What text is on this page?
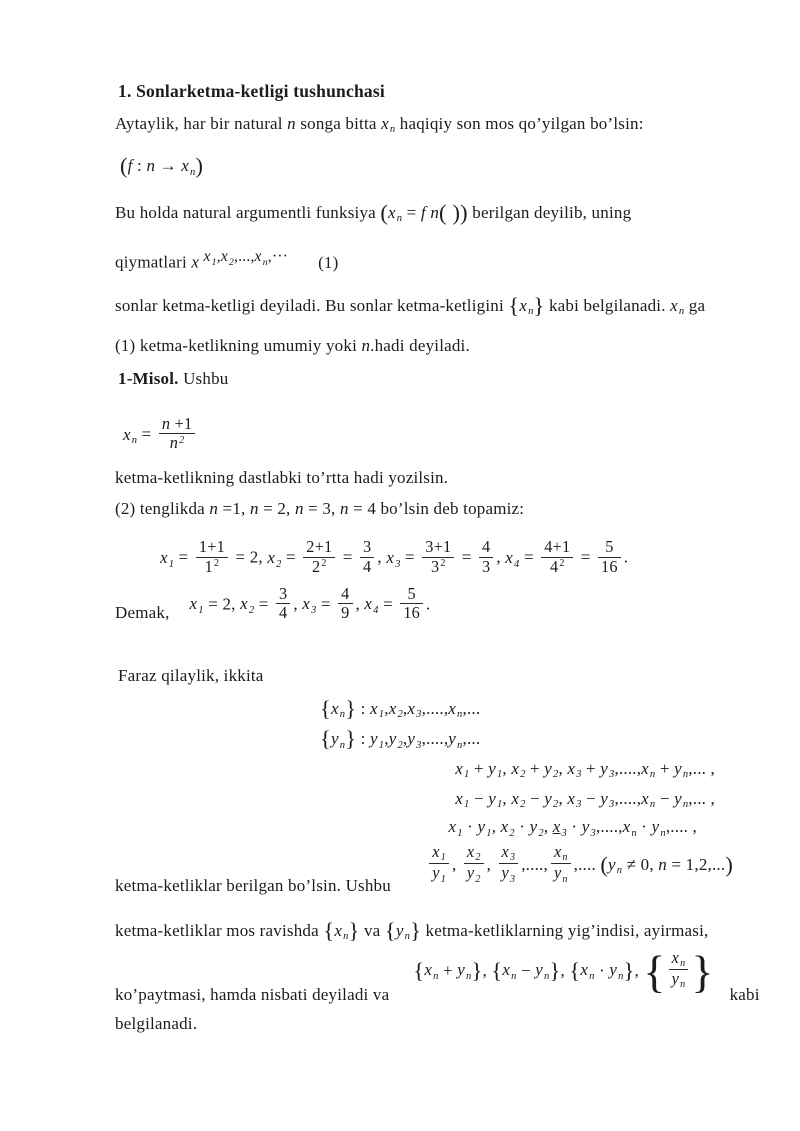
1. Sonlarketma-ketligi tushunchasi
Aytaylik, har bir natural n songa bitta xn haqiqiy son mos qo’yilgan bo’lsin:
(f : n → xn)
Bu holda natural argumentli funksiya (xn = f n( )) berilgan deyilib, uning
qiymatlari x x1,x2,...,xn,··· (1)
sonlar ketma-ketligi deyiladi. Bu sonlar ketma-ketligini {xn} kabi belgilanadi. xn ga
(1) ketma-ketlikning umumiy yoki n.hadi deyiladi.
1-Misol. Ushbu
xn = $\frac{n +1}{n^2}$
ketma-ketlikning dastlabki to’rtta hadi yozilsin.
(2) tenglikda n =1, n = 2, n = 3, n = 4 bo’lsin deb topamiz:
$x1 = \frac{1+1}{1^2} = 2$, $x2 = \frac{2+1}{2^2} = \frac{3}{4}$ , $x3 = \frac{3+1}{3^2} = \frac{4}{3}$ , $x4 = \frac{4+1}{4^2} = \frac{5}{16}$ .
Demak, x1 = 2, $x2 = \frac{3}{4}$ , $x3 = \frac{4}{9}$ , $x4 = \frac{5}{16}$ .
Faraz qilaylik, ikkita
{xn} : x1,x2,x3,....,xn,...
{yn} : y1,y2,y3,....,yn,...
x1 + y1, x2 + y2, x3 + y3,....,xn + yn,... ,
x1 − y1, x2 − y2, x3 − y3,....,xn − yn,... ,
x1 · y1, x2 · y2, x3 · y3,....,xn · yn,.... ,
$\frac{x1}{y1}$ , $\frac{x2}{y2}$ , $\frac{x3}{y3}$ ,...., $\frac{xn}{yn}$ ,.... (yn ≠ 0, n = 1,2,...)
ketma-ketliklar berilgan bo’lsin. Ushbu
ketma-ketliklar mos ravishda {xn} va {yn} ketma-ketliklarning yig’indisi, ayirmasi,
ko’paytmasi, hamda nisbati deyiladi va
{xn + yn}, {xn − yn}, {xn · yn}, { $\frac{xn}{yn}$ } kabi
belgilanadi.
